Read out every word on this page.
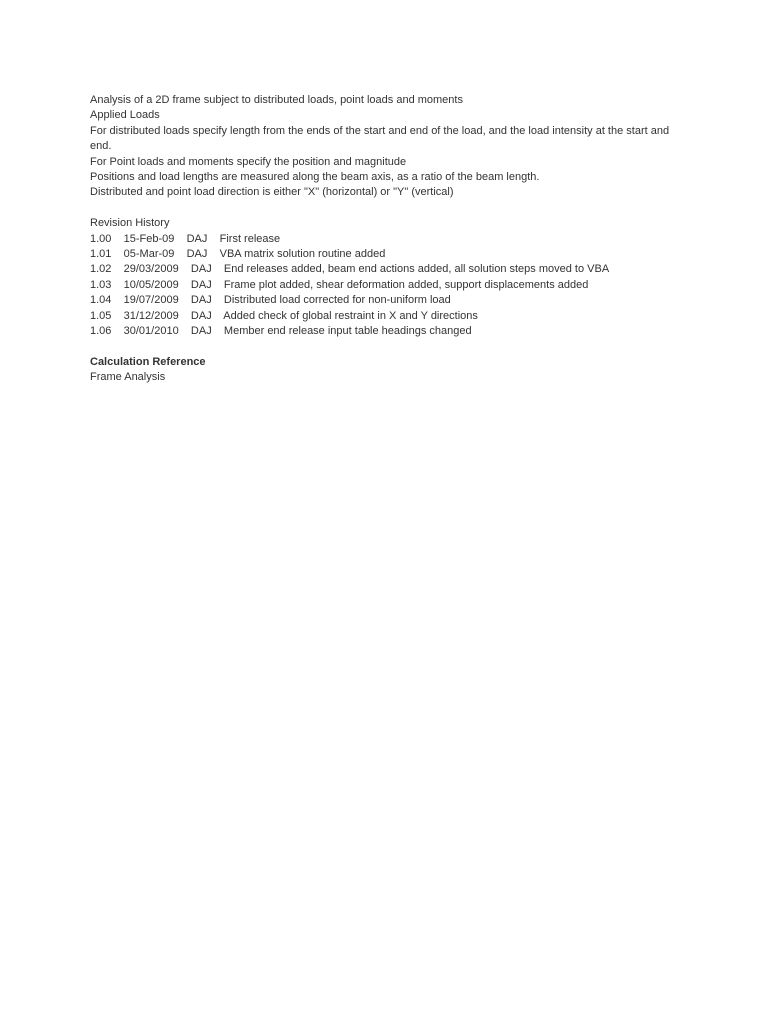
Analysis of a 2D frame subject to distributed loads, point loads and moments
Applied Loads
For distributed loads specify length from the ends of the start and end of the load, and the load intensity at the start and end.
For Point loads and moments specify the position and magnitude
Positions and load lengths are measured along the beam axis, as a ratio of the beam length.
Distributed and point load direction is either "X" (horizontal) or "Y" (vertical)
Revision History
1.00    15-Feb-09    DAJ    First release
1.01    05-Mar-09    DAJ    VBA matrix solution routine added
1.02    29/03/2009    DAJ    End releases added, beam end actions added, all solution steps moved to VBA
1.03    10/05/2009    DAJ    Frame plot added, shear deformation added, support displacements added
1.04    19/07/2009    DAJ    Distributed load corrected for non-uniform load
1.05    31/12/2009    DAJ    Added check of global restraint in X and Y directions
1.06    30/01/2010    DAJ    Member end release input table headings changed
Calculation Reference
Frame Analysis
